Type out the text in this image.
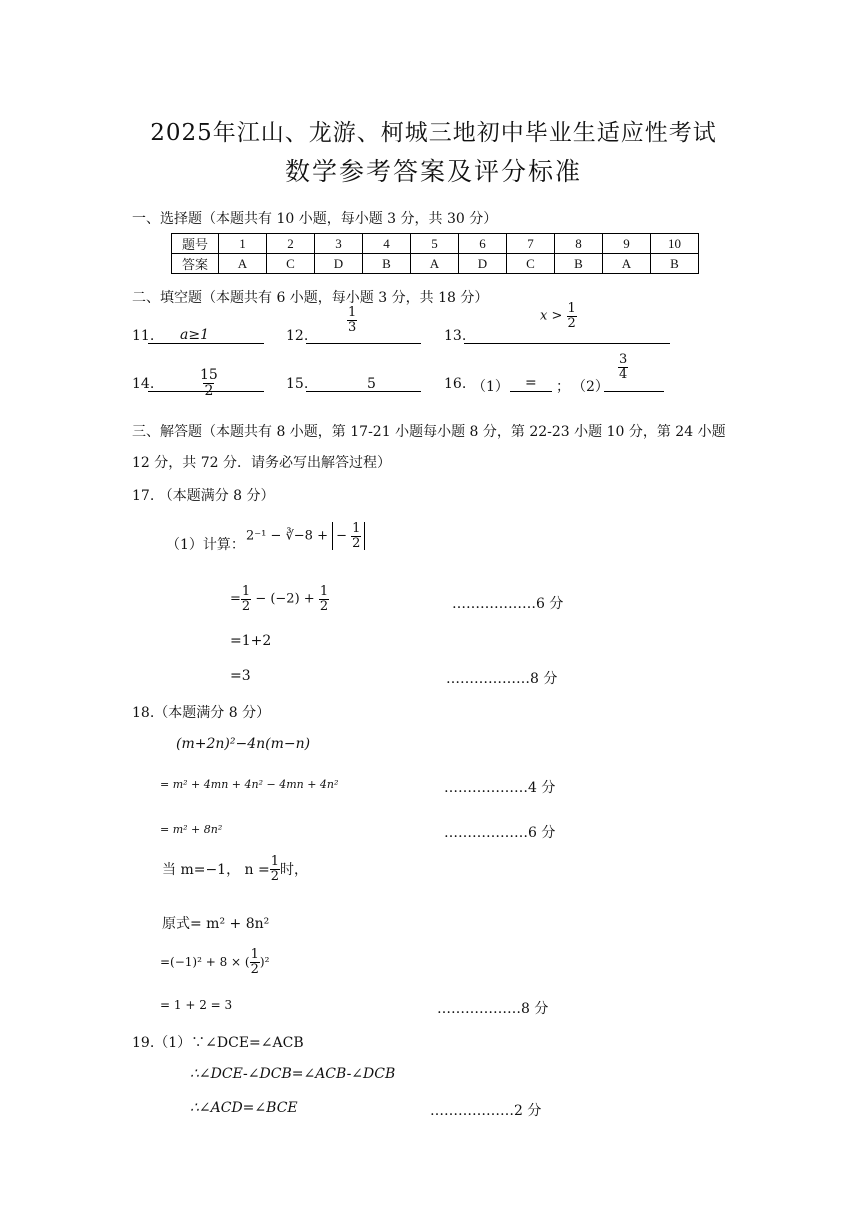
2025年江山、龙游、柯城三地初中毕业生适应性考试
数学参考答案及评分标准
一、选择题（本题共有 10 小题，每小题 3 分，共 30 分）
题号	1	2	3	4	5	6	7	8	9	10
答案	A	C	D	B	A	D	C	B	A	B
二、填空题（本题共有 6 小题，每小题 3 分，共 18 分）
11. a≥1	12.
$\frac{1}{3}$
13.
$x > \frac{1}{2}$
14.	$\frac{15}{2}$	15.	5	16. （1） = ； （2）
$\frac{3}{4}$
三、解答题（本题共有 8 小题，第 17-21 小题每小题 8 分，第 22-23 小题 10 分，第 24 小题
12 分，共 72 分．请务必写出解答过程）
17. （本题满分 8 分）
（1）计算：
2⁻¹ − ∛−8 + − $\frac{1}{2}$
= $\frac{1}{2} - (-2) + \frac{1}{2}$	………………6 分
=1+2
=3	………………8 分
18.（本题满分 8 分）
(m+2n)²−4n(m−n)
= m² + 4mn + 4n² − 4mn + 4n²	………………4 分
= m² + 8n²	………………6 分
当 m=−1， $n = \frac{1}{2}$ 时，
原式= m² + 8n²
=(−1)² + 8 × ( $\frac{1}{2} )^2$
= 1 + 2 = 3	………………8 分
19.（1）∵∠DCE=∠ACB
∴∠DCE-∠DCB=∠ACB-∠DCB
∴∠ACD=∠BCE	………………2 分
